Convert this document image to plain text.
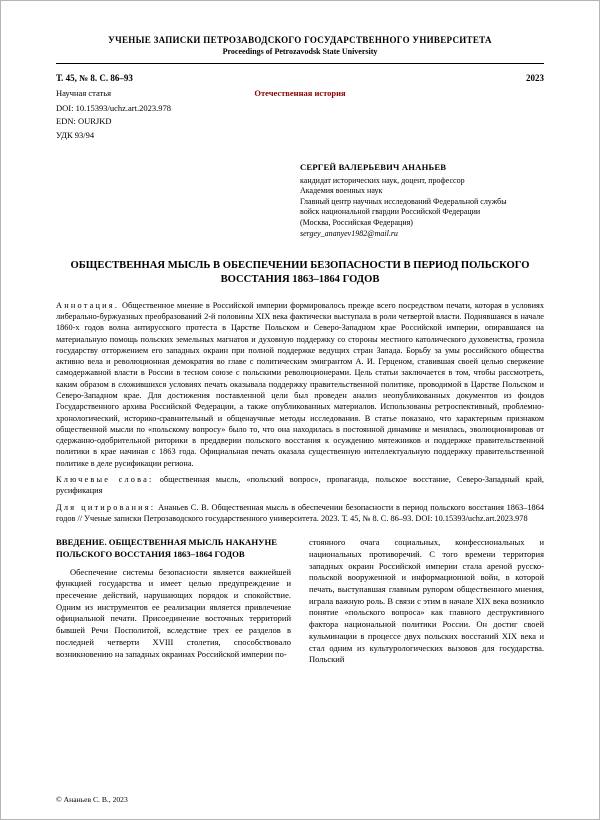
УЧЕНЫЕ ЗАПИСКИ ПЕТРОЗАВОДСКОГО ГОСУДАРСТВЕННОГО УНИВЕРСИТЕТА
Proceedings of Petrozavodsk State University
Т. 45, № 8. С. 86–93	2023
Научная статья	Отечественная история
DOI: 10.15393/uchz.art.2023.978
EDN: OURJKD
УДК 93/94
СЕРГЕЙ ВАЛЕРЬЕВИЧ АНАНЬЕВ
кандидат исторических наук, доцент, профессор
Академия военных наук
Главный центр научных исследований Федеральной службы
войск национальной гвардии Российской Федерации
(Москва, Российская Федерация)
sergey_ananyev1982@mail.ru
ОБЩЕСТВЕННАЯ МЫСЛЬ В ОБЕСПЕЧЕНИИ БЕЗОПАСНОСТИ В ПЕРИОД ПОЛЬСКОГО ВОССТАНИЯ 1863–1864 ГОДОВ

Аннотация. Общественное мнение в Российской империи формировалось прежде всего посредством печати, которая в условиях либерально-буржуазных преобразований 2-й половины XIX века фактически выступала в роли четвертой власти. Поднявшаяся в начале 1860-х годов волна антирусского протеста в Царстве Польском и Северо-Западном крае Российской империи, опиравшаяся на материальную помощь польских земельных магнатов и духовную поддержку со стороны местного католического духовенства, грозила государству отторжением его западных окраин при полной поддержке ведущих стран Запада. Борьбу за умы российского общества активно вела и революционная демократия во главе с политическим эмигрантом А. И. Герценом, ставившая своей целью свержение самодержавной власти в России в тесном союзе с польскими революционерами. Цель статьи заключается в том, чтобы рассмотреть, каким образом в сложившихся условиях печать оказывала поддержку правительственной политике, проводимой в Царстве Польском и Северо-Западном крае. Для достижения поставленной цели был проведен анализ неопубликованных документов из фондов Государственного архива Российской Федерации, а также опубликованных материалов. Использованы ретроспективный, проблемно-хронологический, историко-сравнительный и общенаучные методы исследования. В статье показано, что характерным признаком общественной мысли по «польскому вопросу» было то, что она находилась в постоянной динамике и менялась, эволюционировав от сдержанно-одобрительной риторики в преддверии польского восстания к осуждению мятежников и поддержке правительственной политики в крае начиная с 1863 года. Официальная печать оказала существенную интеллектуальную поддержку правительственной политике в деле русификации региона.

Ключевые слова: общественная мысль, «польский вопрос», пропаганда, польское восстание, Северо-Западный край, русификация

Для цитирования: Ананьев С. В. Общественная мысль в обеспечении безопасности в период польского восстания 1863–1864 годов // Ученые записки Петрозаводского государственного университета. 2023. Т. 45, № 8. С. 86–93. DOI: 10.15393/uchz.art.2023.978

ВВЕДЕНИЕ. ОБЩЕСТВЕННАЯ МЫСЛЬ НАКАНУНЕ ПОЛЬСКОГО ВОССТАНИЯ 1863–1864 ГОДОВ

Обеспечение системы безопасности является важнейшей функцией государства и имеет целью предупреждение и пресечение действий, нарушающих порядок и спокойствие. Одним из инструментов ее реализации является привлечение официальной печати. Присоединение восточных территорий бывшей Речи Посполитой, вследствие трех ее разделов в последней четверти XVIII столетия, способствовало возникновению на западных окраинах Российской империи по-

стоянного очага социальных, конфессиональных и национальных противоречий. С того времени территория западных окраин Российской империи стала ареной русско-польской вооруженной и информационной войн, в которой печать, выступавшая главным рупором общественного мнения, играла важную роль. В связи с этим в начале XIX века возникло понятие «польского вопроса» как главного деструктивного фактора национальной политики России. Он достиг своей кульминации в процессе двух польских восстаний XIX века и стал одним из культурологических вызовов для государства. Польский

© Ананьев С. В., 2023
